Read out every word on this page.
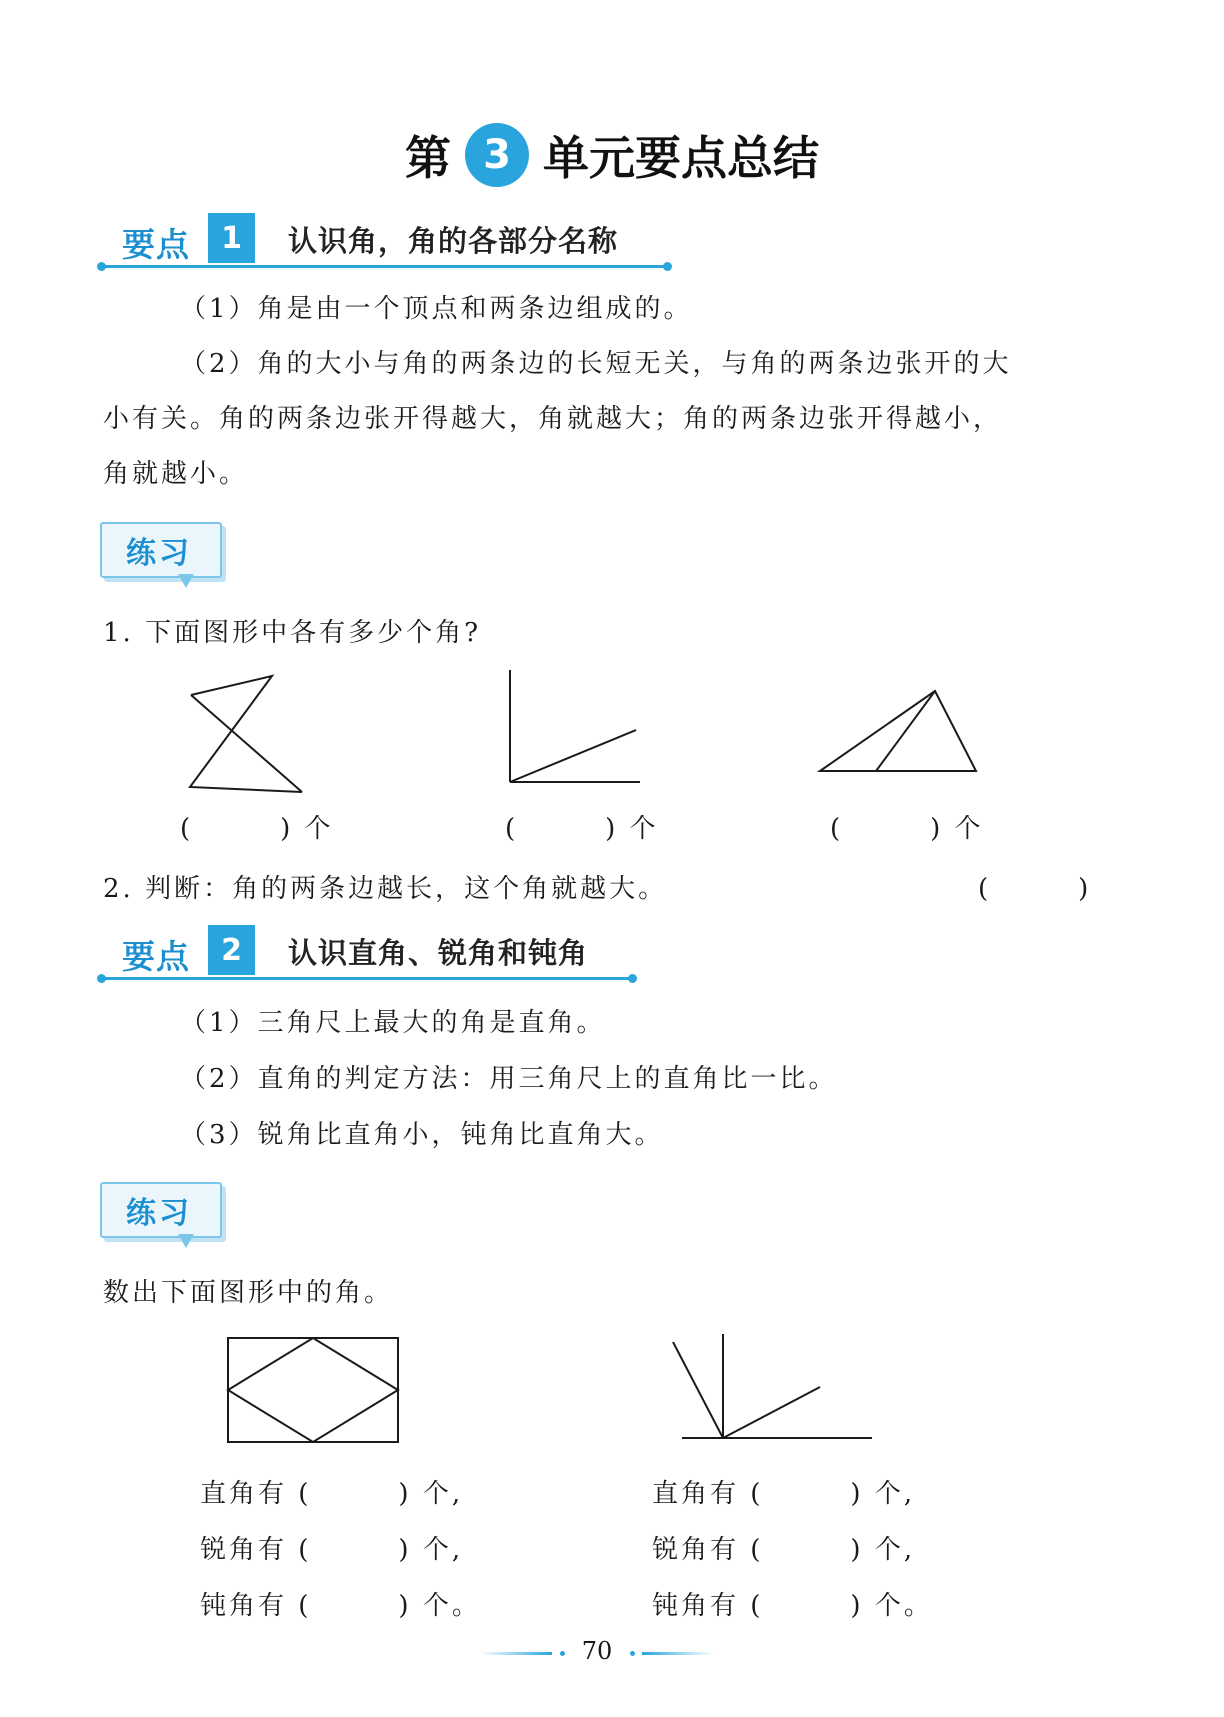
第 3 单元要点总结
要点	1	认识角，角的各部分名称
（1）角是由一个顶点和两条边组成的。
（2）角的大小与角的两条边的长短无关，与角的两条边张开的大
小有关。角的两条边张开得越大，角就越大；角的两条边张开得越小，
角就越小。
练习
1. 下面图形中各有多少个角?
(　　　) 个	(　　　) 个	(　　　) 个
2. 判断：角的两条边越长，这个角就越大。	(　　　)
要点	2	认识直角、锐角和钝角
（1）三角尺上最大的角是直角。
（2）直角的判定方法：用三角尺上的直角比一比。
（3）锐角比直角小，钝角比直角大。
练习
数出下面图形中的角。
直角有 (　　　) 个,
锐角有 (　　　) 个,
钝角有 (　　　) 个。
直角有 (　　　) 个,
锐角有 (　　　) 个,
钝角有 (　　　) 个。
70
